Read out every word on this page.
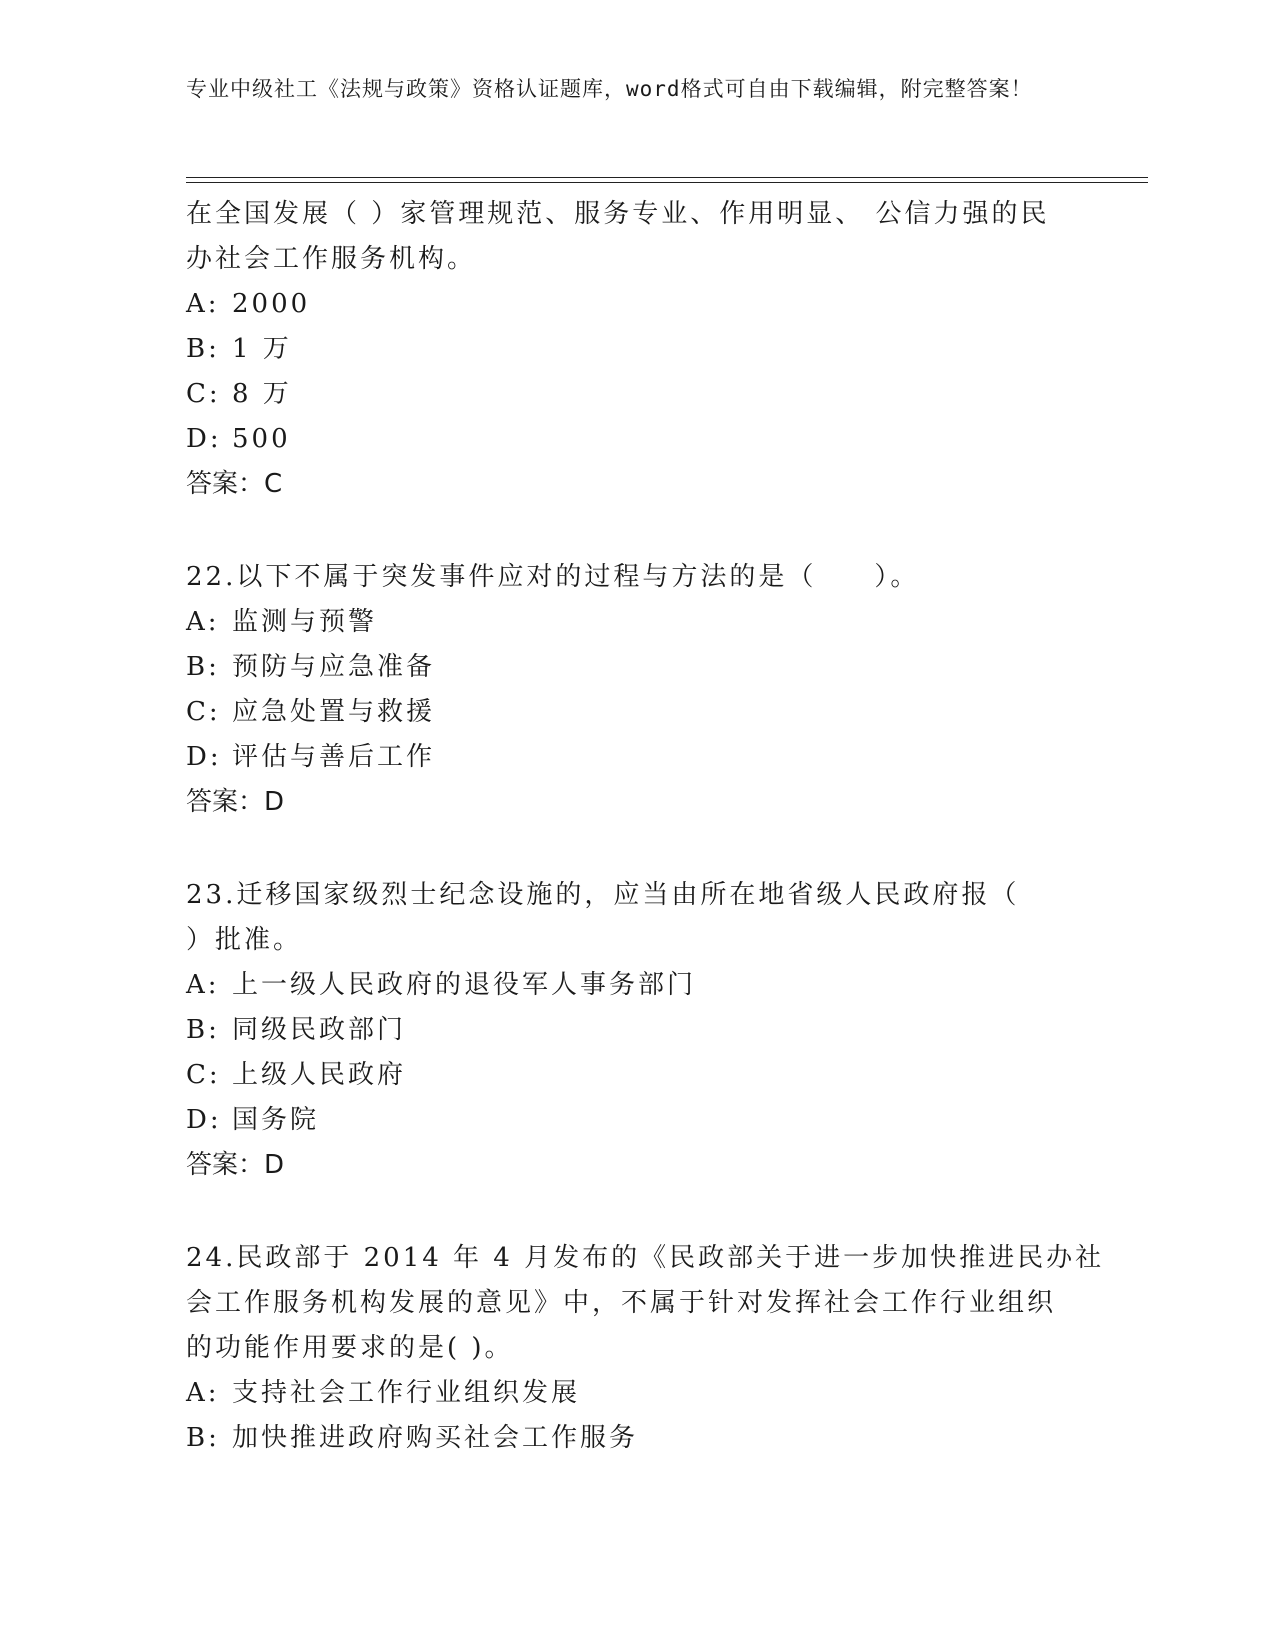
专业中级社工《法规与政策》资格认证题库，word格式可自由下载编辑，附完整答案！
在全国发展（ ）家管理规范、服务专业、作用明显、 公信力强的民
办社会工作服务机构。
A: 2000
B: 1 万
C: 8 万
D: 500
答案：C
22.以下不属于突发事件应对的过程与方法的是（　　）。
A: 监测与预警
B: 预防与应急准备
C: 应急处置与救援
D: 评估与善后工作
答案：D
23.迁移国家级烈士纪念设施的，应当由所在地省级人民政府报（
）批准。
A: 上一级人民政府的退役军人事务部门
B: 同级民政部门
C: 上级人民政府
D: 国务院
答案：D
24.民政部于 2014 年 4 月发布的《民政部关于进一步加快推进民办社
会工作服务机构发展的意见》中，不属于针对发挥社会工作行业组织
的功能作用要求的是( )。
A: 支持社会工作行业组织发展
B: 加快推进政府购买社会工作服务
